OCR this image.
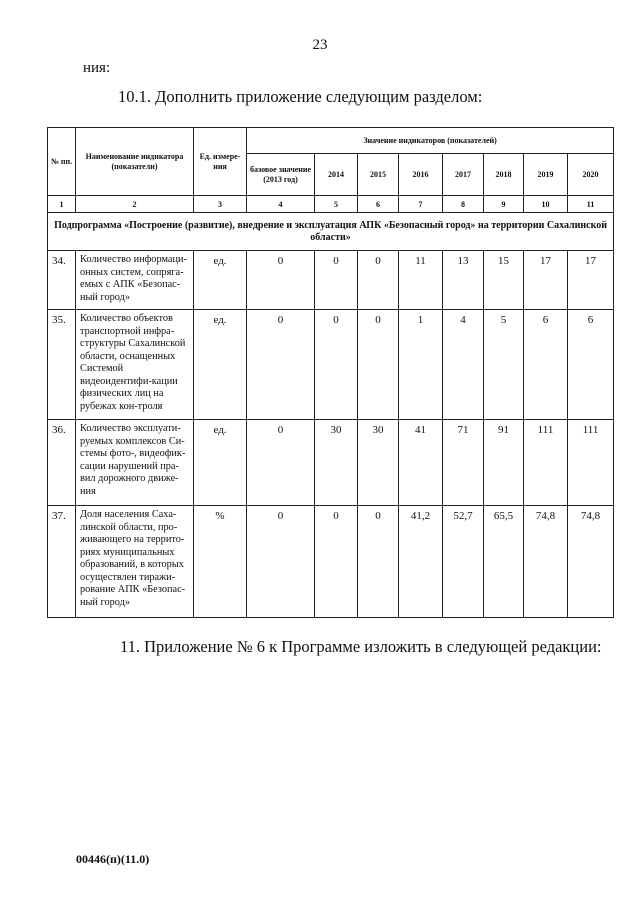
23
ния:
10.1. Дополнить приложение следующим разделом:
№ пп.	Наименование индикатора (показатели)	Ед. измере-ния	Значение индикаторов (показателей)							
			базовое значение (2013 год)	2014	2015	2016	2017	2018	2019	2020
1	2	3	4	5	6	7	8	9	10	11
Подпрограмма «Построение (развитие), внедрение и эксплуатация АПК «Безопасный город» на территории Сахалинской области»										
34.	Количество информаци-онных систем, сопряга-емых с АПК «Безопас-ный город»	ед.	0	0	0	11	13	15	17	17
35.	Количество объектов транспортной инфра-структуры Сахалинской области, оснащенных Системой видеоидентифи-кации физических лиц на рубежах кон-троля	ед.	0	0	0	1	4	5	6	6
36.	Количество эксплуати-руемых комплексов Си-стемы фото-, видеофик-сации нарушений пра-вил дорожного движе-ния	ед.	0	30	30	41	71	91	111	111
37.	Доля населения Саха-линской области, про-живающего на террито-риях муниципальных образований, в которых осуществлен тиражи-рование АПК «Безопас-ный город»	%	0	0	0	41,2	52,7	65,5	74,8	74,8
11. Приложение № 6 к Программе изложить в следующей редакции:
00446(п)(11.0)
